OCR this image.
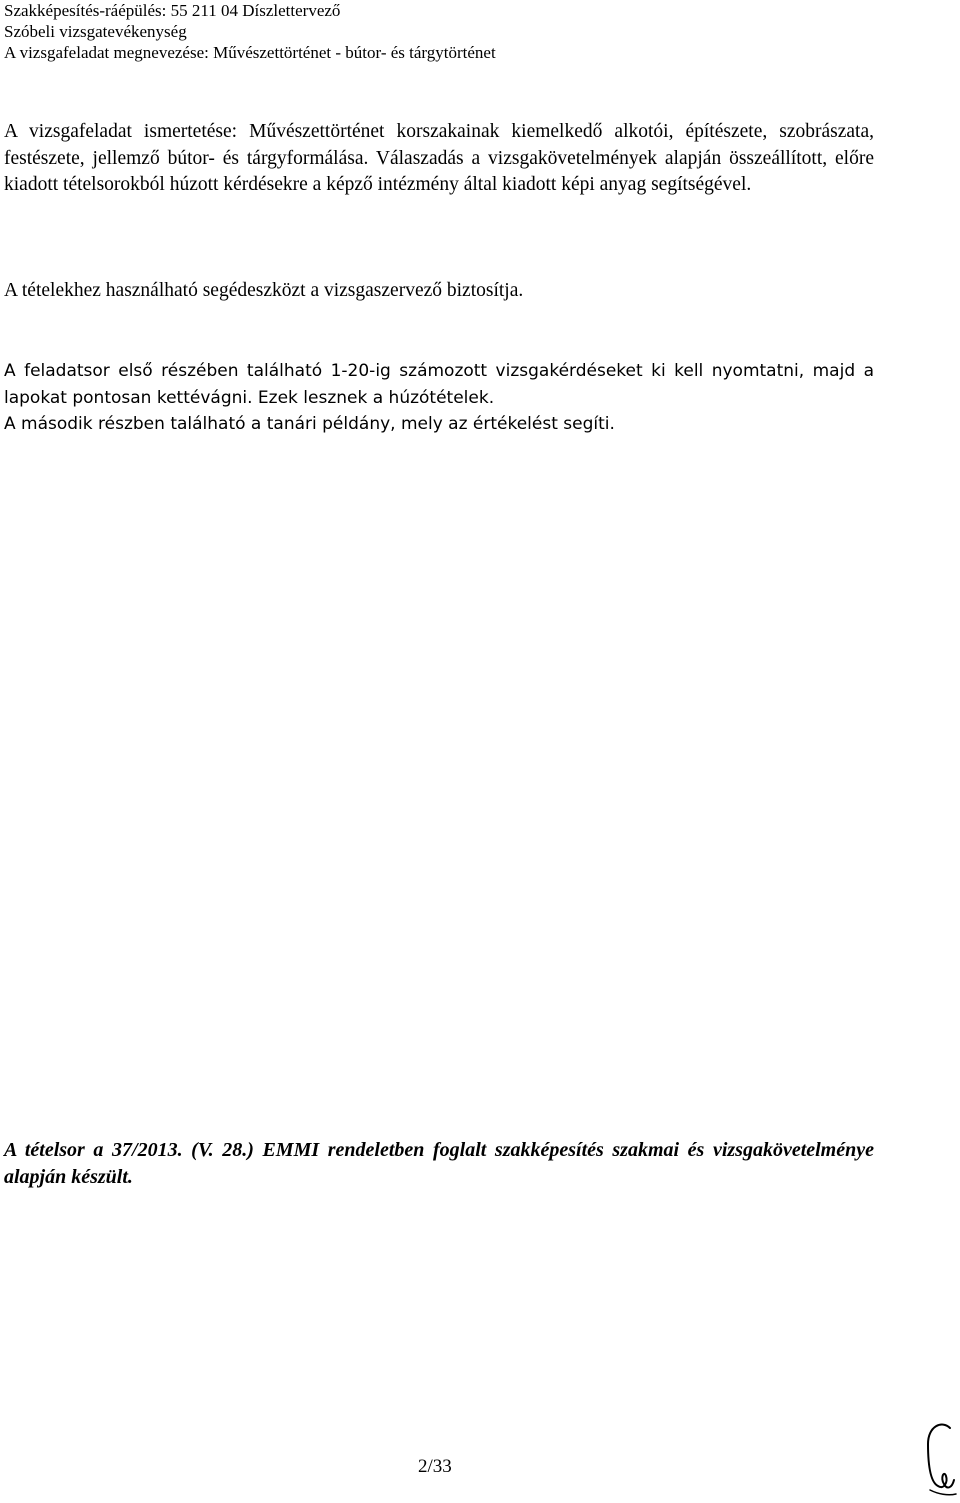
Szakképesítés-ráépülés: 55 211 04 Díszlettervező
Szóbeli vizsgatevékenység
A vizsgafeladat megnevezése: Művészettörténet - bútor- és tárgytörténet

A vizsgafeladat ismertetése: Művészettörténet korszakainak kiemelkedő alkotói, építészete, szobrászata, festészete, jellemző bútor- és tárgyformálása. Válaszadás a vizsgakövetelmények alapján összeállított, előre kiadott tételsorokból húzott kérdésekre a képző intézmény által kiadott képi anyag segítségével.

A tételekhez használható segédeszközt a vizsgaszervező biztosítja.

A feladatsor első részében található 1-20-ig számozott vizsgakérdéseket ki kell nyomtatni, majd a lapokat pontosan kettévágni. Ezek lesznek a húzótételek.
A második részben található a tanári példány, mely az értékelést segíti.

A tételsor a 37/2013. (V. 28.) EMMI rendeletben foglalt szakképesítés szakmai és vizsgakövetelménye alapján készült.

2/33
